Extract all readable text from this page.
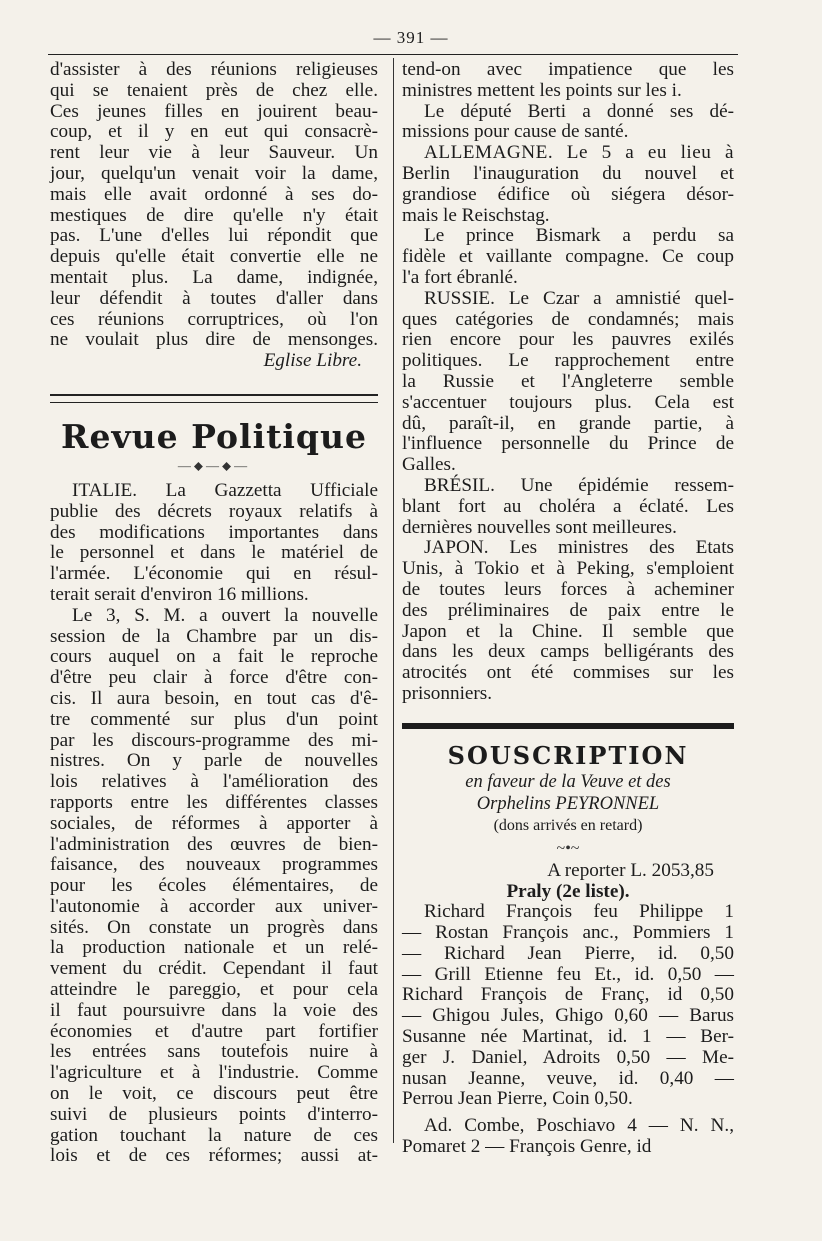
— 391 —
d'assister à des réunions religieuses
qui se tenaient près de chez elle.
Ces jeunes filles en jouirent beau-
coup, et il y en eut qui consacrè-
rent leur vie à leur Sauveur. Un
jour, quelqu'un venait voir la dame,
mais elle avait ordonné à ses do-
mestiques de dire qu'elle n'y était
pas. L'une d'elles lui répondit que
depuis qu'elle était convertie elle ne
mentait plus. La dame, indignée,
leur défendit à toutes d'aller dans
ces réunions corruptrices, où l'on
ne voulait plus dire de mensonges.
Eglise Libre.
Revue Politique
—⬥—⬥—
ITALIE. La Gazzetta Ufficiale
publie des décrets royaux relatifs à
des modifications importantes dans
le personnel et dans le matériel de
l'armée. L'économie qui en résul-
terait serait d'environ 16 millions.
Le 3, S. M. a ouvert la nouvelle
session de la Chambre par un dis-
cours auquel on a fait le reproche
d'être peu clair à force d'être con-
cis. Il aura besoin, en tout cas d'ê-
tre commenté sur plus d'un point
par les discours-programme des mi-
nistres. On y parle de nouvelles
lois relatives à l'amélioration des
rapports entre les différentes classes
sociales, de réformes à apporter à
l'administration des œuvres de bien-
faisance, des nouveaux programmes
pour les écoles élémentaires, de
l'autonomie à accorder aux univer-
sités. On constate un progrès dans
la production nationale et un relé-
vement du crédit. Cependant il faut
atteindre le pareggio, et pour cela
il faut poursuivre dans la voie des
économies et d'autre part fortifier
les entrées sans toutefois nuire à
l'agriculture et à l'industrie. Comme
on le voit, ce discours peut être
suivi de plusieurs points d'interro-
gation touchant la nature de ces
lois et de ces réformes; aussi at-
tend-on avec impatience que les
ministres mettent les points sur les i.
Le député Berti a donné ses dé-
missions pour cause de santé.
ALLEMAGNE. Le 5 a eu lieu à
Berlin l'inauguration du nouvel et
grandiose édifice où siégera désor-
mais le Reischstag.
Le prince Bismark a perdu sa
fidèle et vaillante compagne. Ce coup
l'a fort ébranlé.
RUSSIE. Le Czar a amnistié quel-
ques catégories de condamnés; mais
rien encore pour les pauvres exilés
politiques. Le rapprochement entre
la Russie et l'Angleterre semble
s'accentuer toujours plus. Cela est
dû, paraît-il, en grande partie, à
l'influence personnelle du Prince de
Galles.
BRÉSIL. Une épidémie ressem-
blant fort au choléra a éclaté. Les
dernières nouvelles sont meilleures.
JAPON. Les ministres des Etats
Unis, à Tokio et à Peking, s'emploient
de toutes leurs forces à acheminer
des préliminaires de paix entre le
Japon et la Chine. Il semble que
dans les deux camps belligérants des
atrocités ont été commises sur les
prisonniers.
SOUSCRIPTION
en faveur de la Veuve et des
Orphelins PEYRONNEL
(dons arrivés en retard)
~•~
A reporter L. 2053,85
Praly (2e liste).
Richard François feu Philippe 1
— Rostan François anc., Pommiers 1
— Richard Jean Pierre, id. 0,50
— Grill Etienne feu Et., id. 0,50 —
Richard François de Franç, id 0,50
— Ghigou Jules, Ghigo 0,60 — Barus
Susanne née Martinat, id. 1 — Ber-
ger J. Daniel, Adroits 0,50 — Me-
nusan Jeanne, veuve, id. 0,40 —
Perrou Jean Pierre, Coin 0,50.
Ad. Combe, Poschiavo 4 — N. N.,
Pomaret 2 — François Genre, id
